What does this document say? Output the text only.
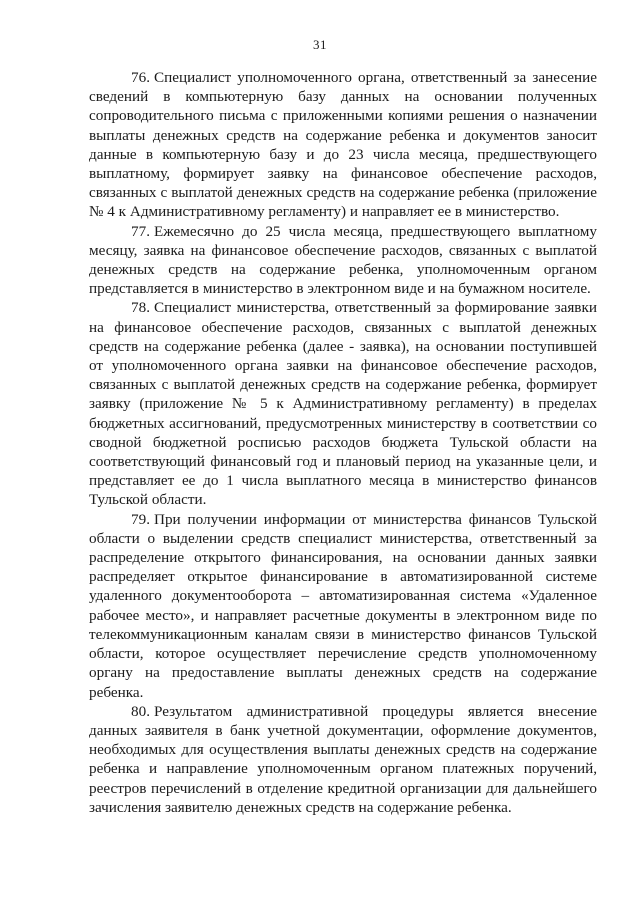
31

76. Специалист уполномоченного органа, ответственный за занесение сведений в компьютерную базу данных на основании полученных сопроводительного письма с приложенными копиями решения о назначении выплаты денежных средств на содержание ребенка и документов заносит данные в компьютерную базу и до 23 числа месяца, предшествующего выплатному, формирует заявку на финансовое обеспечение расходов, связанных с выплатой денежных средств на содержание ребенка (приложение № 4 к Административному регламенту) и направляет ее в министерство.

77. Ежемесячно до 25 числа месяца, предшествующего выплатному месяцу, заявка на финансовое обеспечение расходов, связанных с выплатой денежных средств на содержание ребенка, уполномоченным органом представляется в министерство в электронном виде и на бумажном носителе.

78. Специалист министерства, ответственный за формирование заявки на финансовое обеспечение расходов, связанных с выплатой денежных средств на содержание ребенка (далее - заявка), на основании поступившей от уполномоченного органа заявки на финансовое обеспечение расходов, связанных с выплатой денежных средств на содержание ребенка, формирует заявку (приложение № 5 к Административному регламенту) в пределах бюджетных ассигнований, предусмотренных министерству в соответствии со сводной бюджетной росписью расходов бюджета Тульской области на соответствующий финансовый год и плановый период на указанные цели, и представляет ее до 1 числа выплатного месяца в министерство финансов Тульской области.

79. При получении информации от министерства финансов Тульской области о выделении средств специалист министерства, ответственный за распределение открытого финансирования, на основании данных заявки распределяет открытое финансирование в автоматизированной системе удаленного документооборота – автоматизированная система «Удаленное рабочее место», и направляет расчетные документы в электронном виде по телекоммуникационным каналам связи в министерство финансов Тульской области, которое осуществляет перечисление средств уполномоченному органу на предоставление выплаты денежных средств на содержание ребенка.

80. Результатом административной процедуры является внесение данных заявителя в банк учетной документации, оформление документов, необходимых для осуществления выплаты денежных средств на содержание ребенка и направление уполномоченным органом платежных поручений, реестров перечислений в отделение кредитной организации для дальнейшего зачисления заявителю денежных средств на содержание ребенка.
